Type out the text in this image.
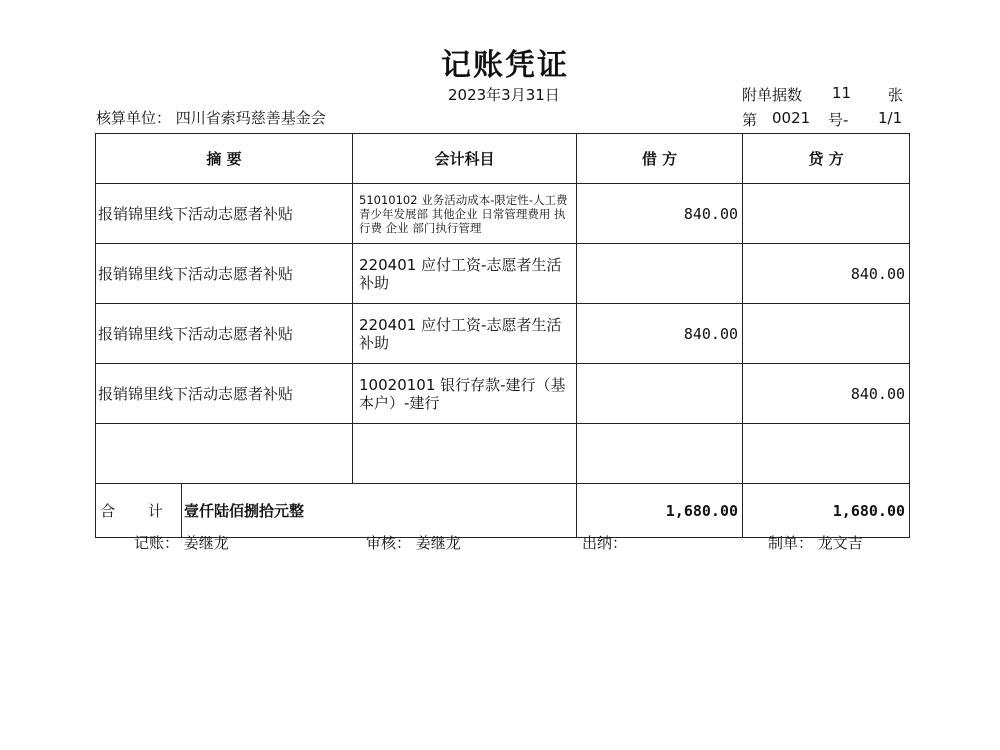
记账凭证
2023年3月31日
核算单位： 四川省索玛慈善基金会
附单据数 11 张
第 0021 号- 1/1
摘 要		会计科目	借 方	贷 方
报销锦里线下活动志愿者补贴		51010102 业务活动成本-限定性-人工费 青少年发展部 其他企业 日常管理费用 执行费 企业 部门执行管理	840.00	
报销锦里线下活动志愿者补贴		220401 应付工资-志愿者生活补助		840.00
报销锦里线下活动志愿者补贴		220401 应付工资-志愿者生活补助	840.00	
报销锦里线下活动志愿者补贴		10020101 银行存款-建行（基本户）-建行		840.00

合 计	壹仟陆佰捌拾元整		1,680.00	1,680.00
记账： 姜继龙	审核： 姜继龙	出纳：	制单： 龙文吉
